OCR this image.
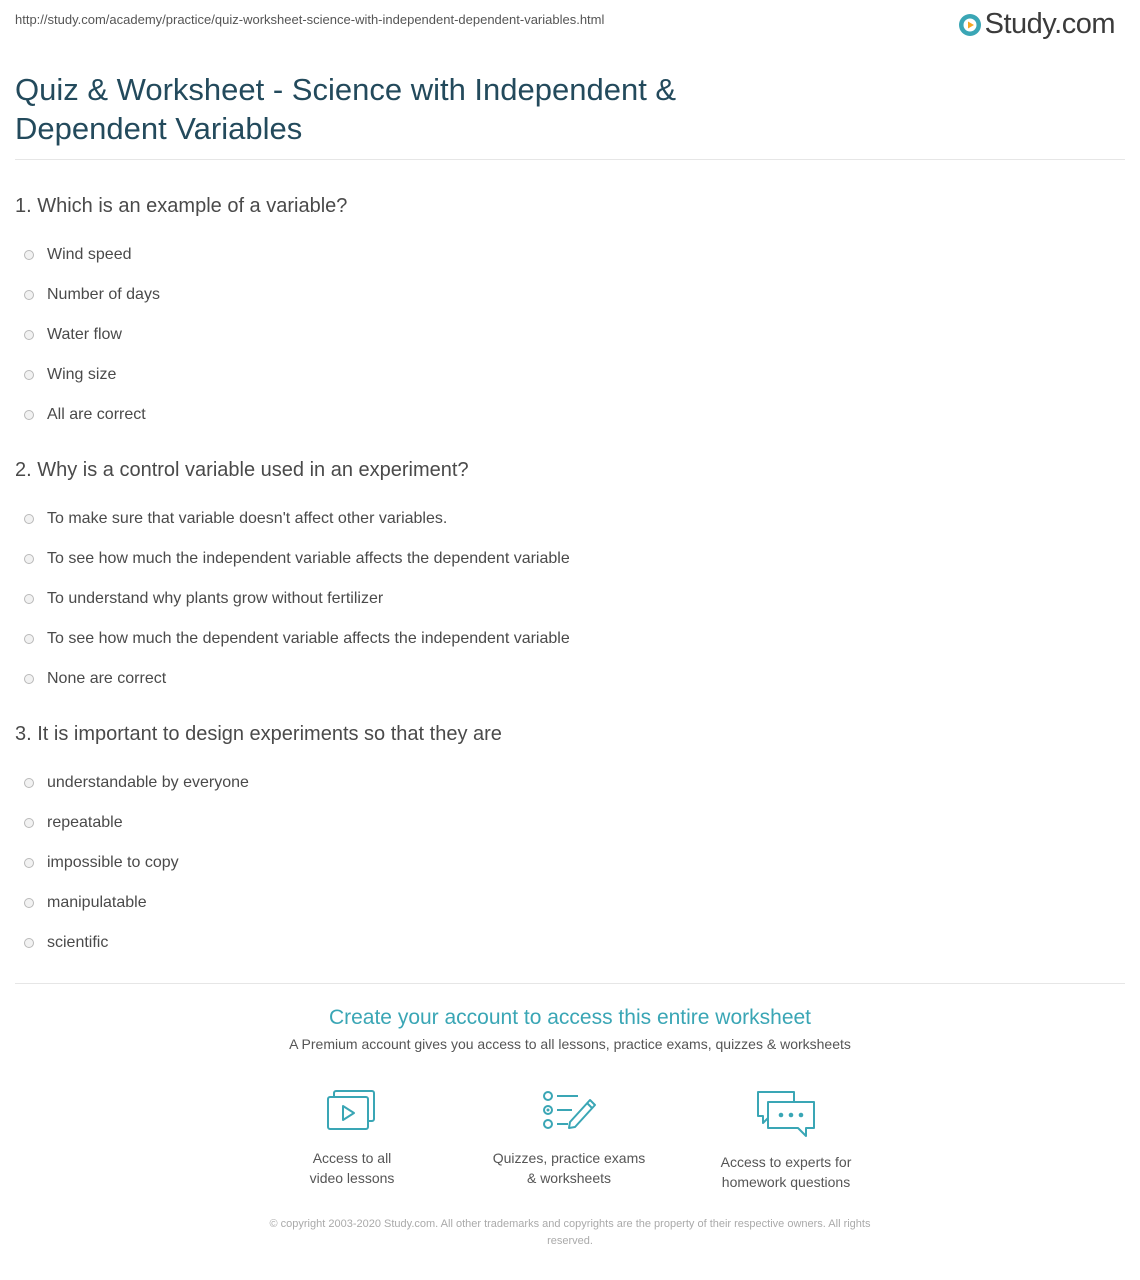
http://study.com/academy/practice/quiz-worksheet-science-with-independent-dependent-variables.html	Study.com
Quiz & Worksheet - Science with Independent &
Dependent Variables
1. Which is an example of a variable?
Wind speed
Number of days
Water flow
Wing size
All are correct
2. Why is a control variable used in an experiment?
To make sure that variable doesn't affect other variables.
To see how much the independent variable affects the dependent variable
To understand why plants grow without fertilizer
To see how much the dependent variable affects the independent variable
None are correct
3. It is important to design experiments so that they are
understandable by everyone
repeatable
impossible to copy
manipulatable
scientific
Create your account to access this entire worksheet
A Premium account gives you access to all lessons, practice exams, quizzes & worksheets
Access to all
video lessons
Quizzes, practice exams
& worksheets
Access to experts for
homework questions
© copyright 2003-2020 Study.com. All other trademarks and copyrights are the property of their respective owners. All rights
reserved.
